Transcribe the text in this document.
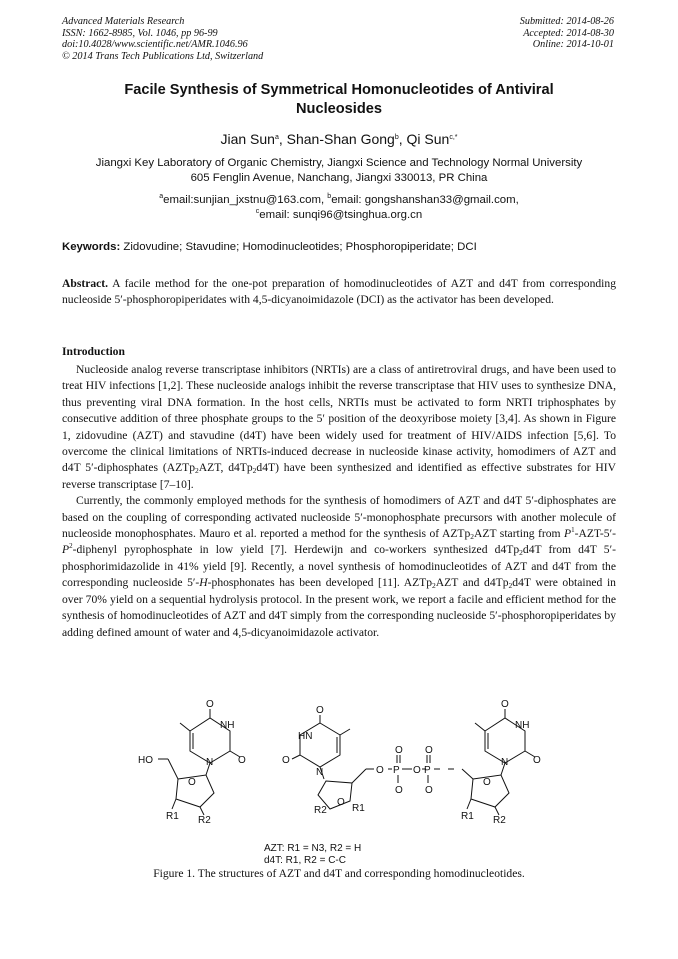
Advanced Materials Research
ISSN: 1662-8985, Vol. 1046, pp 96-99
doi:10.4028/www.scientific.net/AMR.1046.96
© 2014 Trans Tech Publications Ltd, Switzerland
Submitted: 2014-08-26
Accepted: 2014-08-30
Online: 2014-10-01
Facile Synthesis of Symmetrical Homonucleotides of Antiviral
Nucleosides
Jian Sun$^a$, Shan-Shan Gong$^b$, Qi Sun$^{c,*}$
Jiangxi Key Laboratory of Organic Chemistry, Jiangxi Science and Technology Normal University
605 Fenglin Avenue, Nanchang, Jiangxi 330013, PR China
$^a$email:sunjian_jxstnu@163.com, $^b$email: gongshanshan33@gmail.com,
$^c$email: sunqi96@tsinghua.org.cn
Keywords: Zidovudine; Stavudine; Homodinucleotides; Phosphoropiperidate; DCI
Abstract. A facile method for the one-pot preparation of homodinucleotides of AZT and d4T from corresponding nucleoside 5′-phosphoropiperidates with 4,5-dicyanoimidazole (DCI) as the activator has been developed.
Introduction

Nucleoside analog reverse transcriptase inhibitors (NRTIs) are a class of antiretroviral drugs, and have been used to treat HIV infections [1,2]. These nucleoside analogs inhibit the reverse transcriptase that HIV uses to synthesize DNA, thus preventing viral DNA formation. In the host cells, NRTIs must be activated to form NRTI triphosphates by consecutive addition of three phosphate groups to the 5′ position of the deoxyribose moiety [3,4]. As shown in Figure 1, zidovudine (AZT) and stavudine (d4T) have been widely used for treatment of HIV/AIDS infection [5,6]. To overcome the clinical limitations of NRTIs-induced decrease in nucleoside kinase activity, homodimers of AZT and d4T 5′-diphosphates (AZTp$_2$AZT, $d4Tp_2d4T$) have been synthesized and identified as effective substrates for HIV reverse transcriptase [7–10].

Currently, the commonly employed methods for the synthesis of homodimers of AZT and d4T 5′-diphosphates are based on the coupling of corresponding activated nucleoside 5′-monophosphate precursors with another molecule of nucleoside monophosphates. Mauro et al. reported a method for the synthesis of AZTp$_2$AZT starting from $P^1-AZT-5'-P^2$-diphenyl pyrophosphate in low yield [7]. Herdewijn and co-workers synthesized $d4Tp_2d4T$ from d4T 5′-phosphorimidazolide in 41% yield [9]. Recently, a novel synthesis of homodinucleotides of AZT and d4T from the corresponding nucleoside 5′-H-phosphonates has been developed [11]. AZTp$_2$AZT and $d4Tp_2d4T$ were obtained in over 70% yield on a sequential hydrolysis protocol. In the present work, we report a facile and efficient method for the synthesis of homodinucleotides of AZT and d4T simply from the corresponding nucleoside 5′-phosphoropiperidates by adding defined amount of water and 4,5-dicyanoimidazole activator.

O
NH
N O
HO
O
R1 R2
HN
O
N
O
O P
O
O
O P
O
O
O
R2	R1
NH
N
O
O
O
R1 R2
AZT: R1 = N3, R2 = H
d4T: R1, R2 = C-C
Figure 1. The structures of AZT and d4T and corresponding homodinucleotides.
